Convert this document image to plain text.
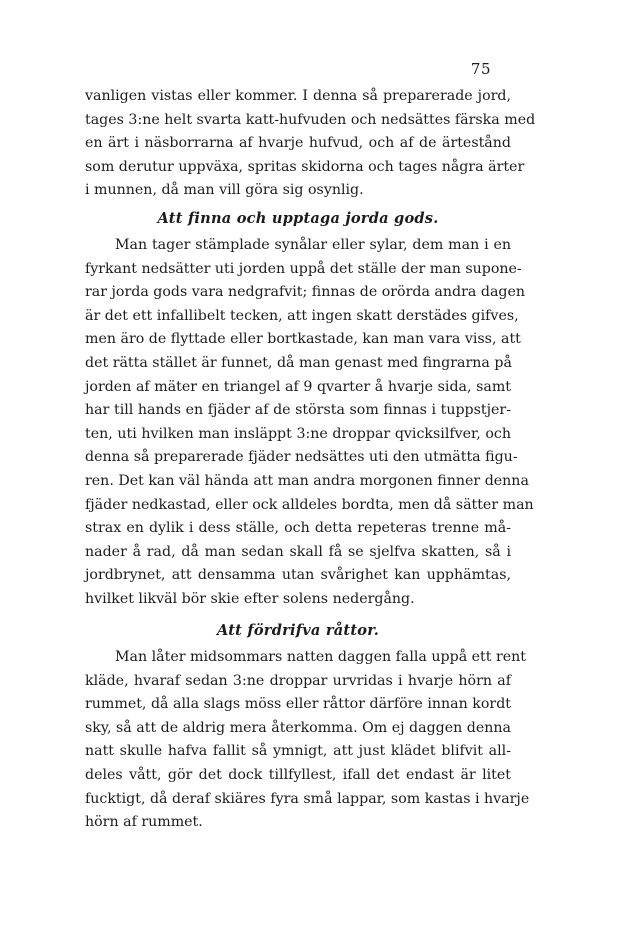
75
vanligen vistas eller kommer. I denna så preparerade jord,
tages 3:ne helt svarta katt-hufvuden och nedsättes färska med
en ärt i näsborrarna af hvarje hufvud, och af de ärtestånd
som derutur uppväxa, spritas skidorna och tages några ärter
i munnen, då man vill göra sig osynlig.
Att finna och upptaga jorda gods.
Man tager stämplade synålar eller sylar, dem man i en
fyrkant nedsätter uti jorden uppå det ställe der man supone-
rar jorda gods vara nedgrafvit; finnas de orörda andra dagen
är det ett infallibelt tecken, att ingen skatt derstädes gifves,
men äro de flyttade eller bortkastade, kan man vara viss, att
det rätta stället är funnet, då man genast med fingrarna på
jorden af mäter en triangel af 9 qvarter å hvarje sida, samt
har till hands en fjäder af de största som finnas i tuppstjer-
ten, uti hvilken man insläppt 3:ne droppar qvicksilfver, och
denna så preparerade fjäder nedsättes uti den utmätta figu-
ren. Det kan väl hända att man andra morgonen finner denna
fjäder nedkastad, eller ock alldeles bordta, men då sätter man
strax en dylik i dess ställe, och detta repeteras trenne må-
nader å rad, då man sedan skall få se sjelfva skatten, så i
jordbrynet, att densamma utan svårighet kan upphämtas,
hvilket likväl bör skie efter solens nedergång.
Att fördrifva råttor.
Man låter midsommars natten daggen falla uppå ett rent
kläde, hvaraf sedan 3:ne droppar urvridas i hvarje hörn af
rummet, då alla slags möss eller råttor därföre innan kordt
sky, så att de aldrig mera återkomma. Om ej daggen denna
natt skulle hafva fallit så ymnigt, att just klädet blifvit all-
deles vått, gör det dock tillfyllest, ifall det endast är litet
fucktigt, då deraf skiäres fyra små lappar, som kastas i hvarje
hörn af rummet.
